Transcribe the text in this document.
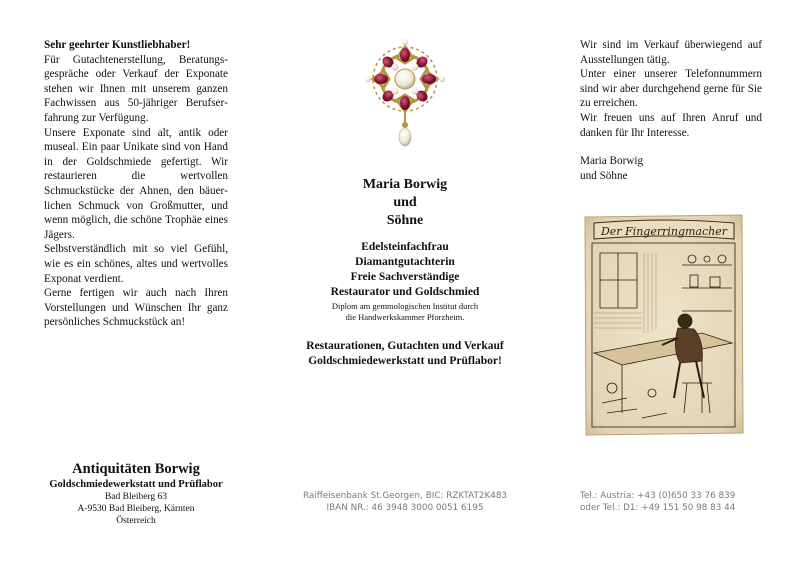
Sehr geehrter Kunstliebhaber!

Für Gutachtenerstellung, Beratungsgespräche oder Verkauf der Exponate stehen wir Ihnen mit unserem ganzen Fachwissen aus 50-jähriger Berufserfahrung zur Verfügung.

Unsere Exponate sind alt, antik oder museal. Ein paar Unikate sind von Hand in der Goldschmiede gefertigt. Wir restaurieren die wertvollen Schmuckstücke der Ahnen, den bäuerlichen Schmuck von Großmutter, und wenn möglich, die schöne Trophäe eines Jägers.

Selbstverständlich mit so viel Gefühl, wie es ein schönes, altes und wertvolles Exponat verdient.

Gerne fertigen wir auch nach Ihren Vorstellungen und Wünschen Ihr ganz persönliches Schmuckstück an!

Maria Borwig
und
Söhne
Edelsteinfachfrau
Diamantgutachterin
Freie Sachverständige
Restaurator und Goldschmied
Diplom am gemmologischen Institut durch
die Handwerkskammer Pforzheim.
Restaurationen, Gutachten und Verkauf
Goldschmiedewerkstatt und Prüflabor!

Wir sind im Verkauf überwiegend auf Ausstellungen tätig.

Unter einer unserer Telefonnummern sind wir aber durchgehend gerne für Sie zu erreichen.

Wir freuen uns auf Ihren Anruf und danken für Ihr Interesse.

Maria Borwig
und Söhne
Der Fingerringmacher
Antiquitäten Borwig
Goldschmiedewerkstatt und Prüflabor
Bad Bleiberg 63
A-9530 Bad Bleiberg, Kärnten
Österreich
Raiffeisenbank St.Georgen, BIC: RZKTAT2K483
IBAN NR.: 46 3948 3000 0051 6195
Tel.: Austria: +43 (0)650 33 76 839
oder Tel.: D1: +49 151 50 98 83 44
